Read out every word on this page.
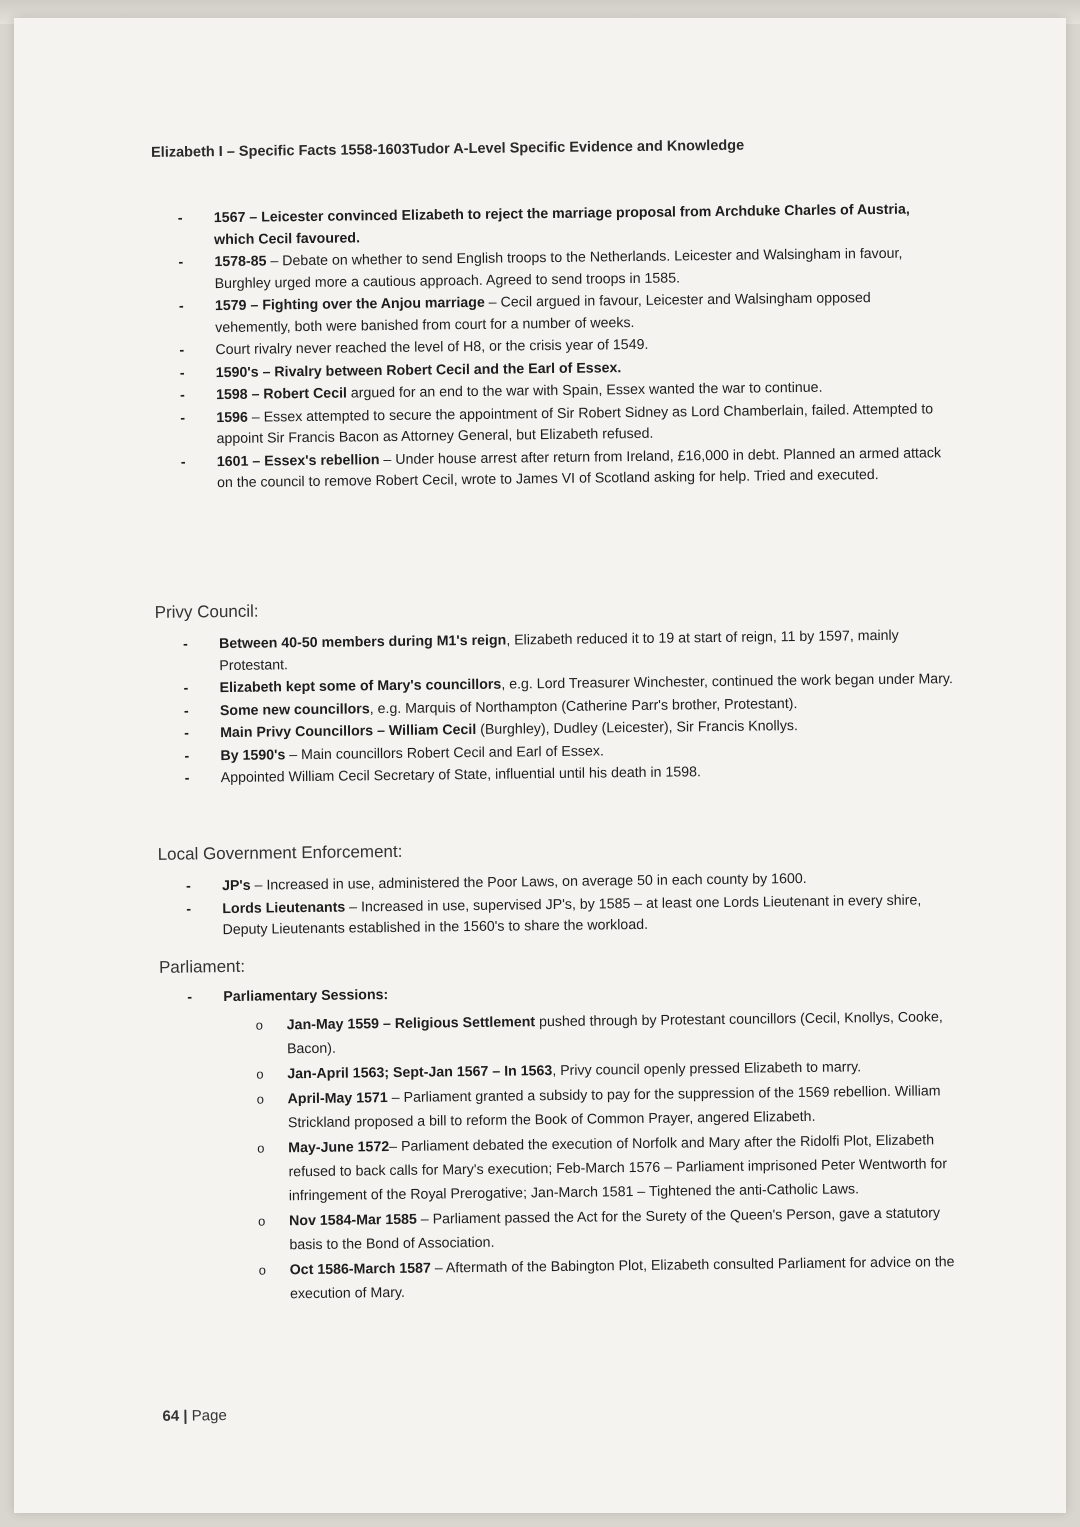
Elizabeth I – Specific Facts 1558-1603Tudor A-Level Specific Evidence and Knowledge
- 1567 – Leicester convinced Elizabeth to reject the marriage proposal from Archduke Charles of Austria, which Cecil favoured.
- 1578-85 – Debate on whether to send English troops to the Netherlands. Leicester and Walsingham in favour, Burghley urged more a cautious approach. Agreed to send troops in 1585.
- 1579 – Fighting over the Anjou marriage – Cecil argued in favour, Leicester and Walsingham opposed vehemently, both were banished from court for a number of weeks.
- Court rivalry never reached the level of H8, or the crisis year of 1549.
- 1590's – Rivalry between Robert Cecil and the Earl of Essex.
- 1598 – Robert Cecil argued for an end to the war with Spain, Essex wanted the war to continue.
- 1596 – Essex attempted to secure the appointment of Sir Robert Sidney as Lord Chamberlain, failed. Attempted to appoint Sir Francis Bacon as Attorney General, but Elizabeth refused.
- 1601 – Essex's rebellion – Under house arrest after return from Ireland, £16,000 in debt. Planned an armed attack on the council to remove Robert Cecil, wrote to James VI of Scotland asking for help. Tried and executed.
Privy Council:
- Between 40-50 members during M1's reign, Elizabeth reduced it to 19 at start of reign, 11 by 1597, mainly Protestant.
- Elizabeth kept some of Mary's councillors, e.g. Lord Treasurer Winchester, continued the work began under Mary.
- Some new councillors, e.g. Marquis of Northampton (Catherine Parr's brother, Protestant).
- Main Privy Councillors – William Cecil (Burghley), Dudley (Leicester), Sir Francis Knollys.
- By 1590's – Main councillors Robert Cecil and Earl of Essex.
- Appointed William Cecil Secretary of State, influential until his death in 1598.
Local Government Enforcement:
- JP's – Increased in use, administered the Poor Laws, on average 50 in each county by 1600.
- Lords Lieutenants – Increased in use, supervised JP's, by 1585 – at least one Lords Lieutenant in every shire, Deputy Lieutenants established in the 1560's to share the workload.
Parliament:
- Parliamentary Sessions:
o Jan-May 1559 – Religious Settlement pushed through by Protestant councillors (Cecil, Knollys, Cooke, Bacon).
o Jan-April 1563; Sept-Jan 1567 – In 1563, Privy council openly pressed Elizabeth to marry.
o April-May 1571 – Parliament granted a subsidy to pay for the suppression of the 1569 rebellion. William Strickland proposed a bill to reform the Book of Common Prayer, angered Elizabeth.
o May-June 1572– Parliament debated the execution of Norfolk and Mary after the Ridolfi Plot, Elizabeth refused to back calls for Mary's execution; Feb-March 1576 – Parliament imprisoned Peter Wentworth for infringement of the Royal Prerogative; Jan-March 1581 – Tightened the anti-Catholic Laws.
o Nov 1584-Mar 1585 – Parliament passed the Act for the Surety of the Queen's Person, gave a statutory basis to the Bond of Association.
o Oct 1586-March 1587 – Aftermath of the Babington Plot, Elizabeth consulted Parliament for advice on the execution of Mary.
64 | Page
